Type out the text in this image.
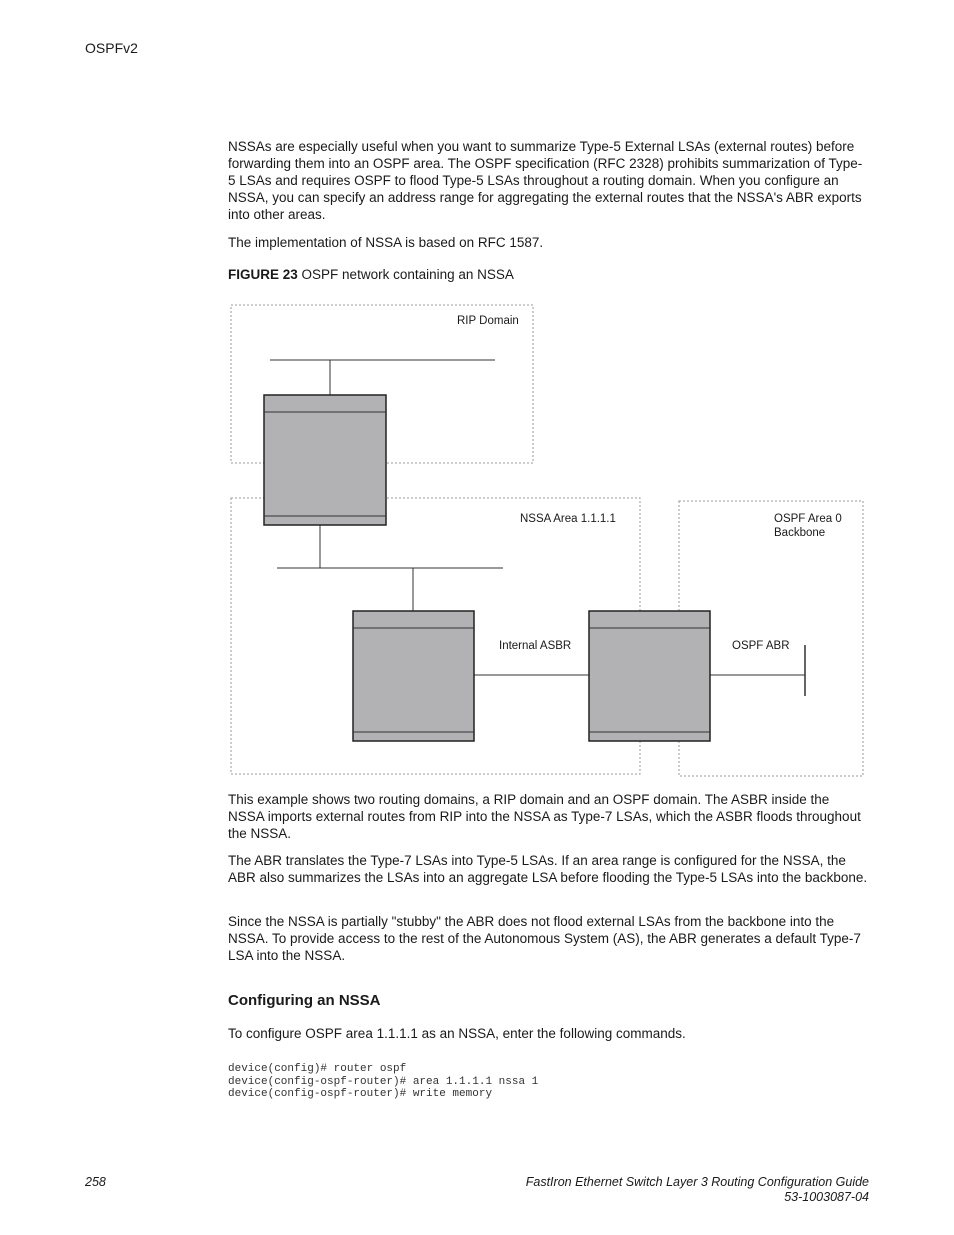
OSPFv2

NSSAs are especially useful when you want to summarize Type-5 External LSAs (external routes) before forwarding them into an OSPF area. The OSPF specification (RFC 2328) prohibits summarization of Type-5 LSAs and requires OSPF to flood Type-5 LSAs throughout a routing domain. When you configure an NSSA, you can specify an address range for aggregating the external routes that the NSSA's ABR exports into other areas.

The implementation of NSSA is based on RFC 1587.

FIGURE 23 OSPF network containing an NSSA
RIP Domain
NSSA Area 1.1.1.1	OSPF Area 0
Backbone
Internal ASBR	OSPF ABR

This example shows two routing domains, a RIP domain and an OSPF domain. The ASBR inside the NSSA imports external routes from RIP into the NSSA as Type-7 LSAs, which the ASBR floods throughout the NSSA.

The ABR translates the Type-7 LSAs into Type-5 LSAs. If an area range is configured for the NSSA, the ABR also summarizes the LSAs into an aggregate LSA before flooding the Type-5 LSAs into the backbone.

Since the NSSA is partially "stubby" the ABR does not flood external LSAs from the backbone into the NSSA. To provide access to the rest of the Autonomous System (AS), the ABR generates a default Type-7 LSA into the NSSA.

Configuring an NSSA

To configure OSPF area 1.1.1.1 as an NSSA, enter the following commands.

device(config)# router ospf
device(config-ospf-router)# area 1.1.1.1 nssa 1
device(config-ospf-router)# write memory
258	FastIron Ethernet Switch Layer 3 Routing Configuration Guide
53-1003087-04
